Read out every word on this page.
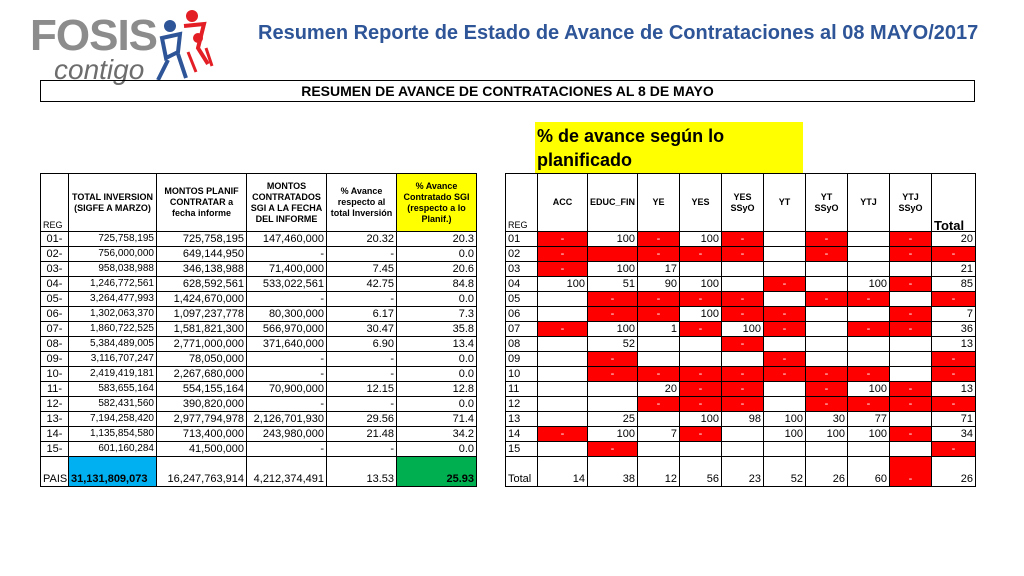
FOSIS
contigo
Resumen Reporte de Estado de Avance de Contrataciones al 08 MAYO/2017
RESUMEN DE AVANCE DE CONTRATACIONES AL 8 DE MAYO
% de avance según lo planificado
REG	TOTAL INVERSION (SIGFE A MARZO)	MONTOS PLANIF CONTRATAR a fecha informe	MONTOS CONTRATADOS SGI A LA FECHA DEL INFORME	% Avance respecto al total Inversión	% Avance Contratado SGI (respecto a lo Planif.)
01-	725,758,195	725,758,195	147,460,000	20.32	20.3
02-	756,000,000	649,144,950	-	-	0.0
03-	958,038,988	346,138,988	71,400,000	7.45	20.6
04-	1,246,772,561	628,592,561	533,022,561	42.75	84.8
05-	3,264,477,993	1,424,670,000	-	-	0.0
06-	1,302,063,370	1,097,237,778	80,300,000	6.17	7.3
07-	1,860,722,525	1,581,821,300	566,970,000	30.47	35.8
08-	5,384,489,005	2,771,000,000	371,640,000	6.90	13.4
09-	3,116,707,247	78,050,000	-	-	0.0
10-	2,419,419,181	2,267,680,000	-	-	0.0
11-	583,655,164	554,155,164	70,900,000	12.15	12.8
12-	582,431,560	390,820,000	-	-	0.0
13-	7,194,258,420	2,977,794,978	2,126,701,930	29.56	71.4
14-	1,135,854,580	713,400,000	243,980,000	21.48	34.2
15-	601,160,284	41,500,000	-	-	0.0
PAIS	31,131,809,073	16,247,763,914	4,212,374,491	13.53	25.93
REG	ACC	EDUC_FIN	YE	YES	YES SSyO	YT	YT SSyO	YTJ	YTJ SSyO	Total
01	-	100	-	100	-		-		-	20
02	-		-	-	-		-		-	-
03	-	100	17							21
04	100	51	90	100		-		100	-	85
05		-	-	-	-		-	-		-
06		-	-	100	-	-			-	7
07	-	100	1	-	100	-		-	-	36
08		52			-					13
09		-				-				-
10		-	-	-	-	-	-	-		-
11			20	-	-		-	100	-	13
12			-	-	-		-	-	-	-
13		25		100	98	100	30	77		71
14	-	100	7	-		100	100	100	-	34
15		-								-
Total	14	38	12	56	23	52	26	60	-	26
